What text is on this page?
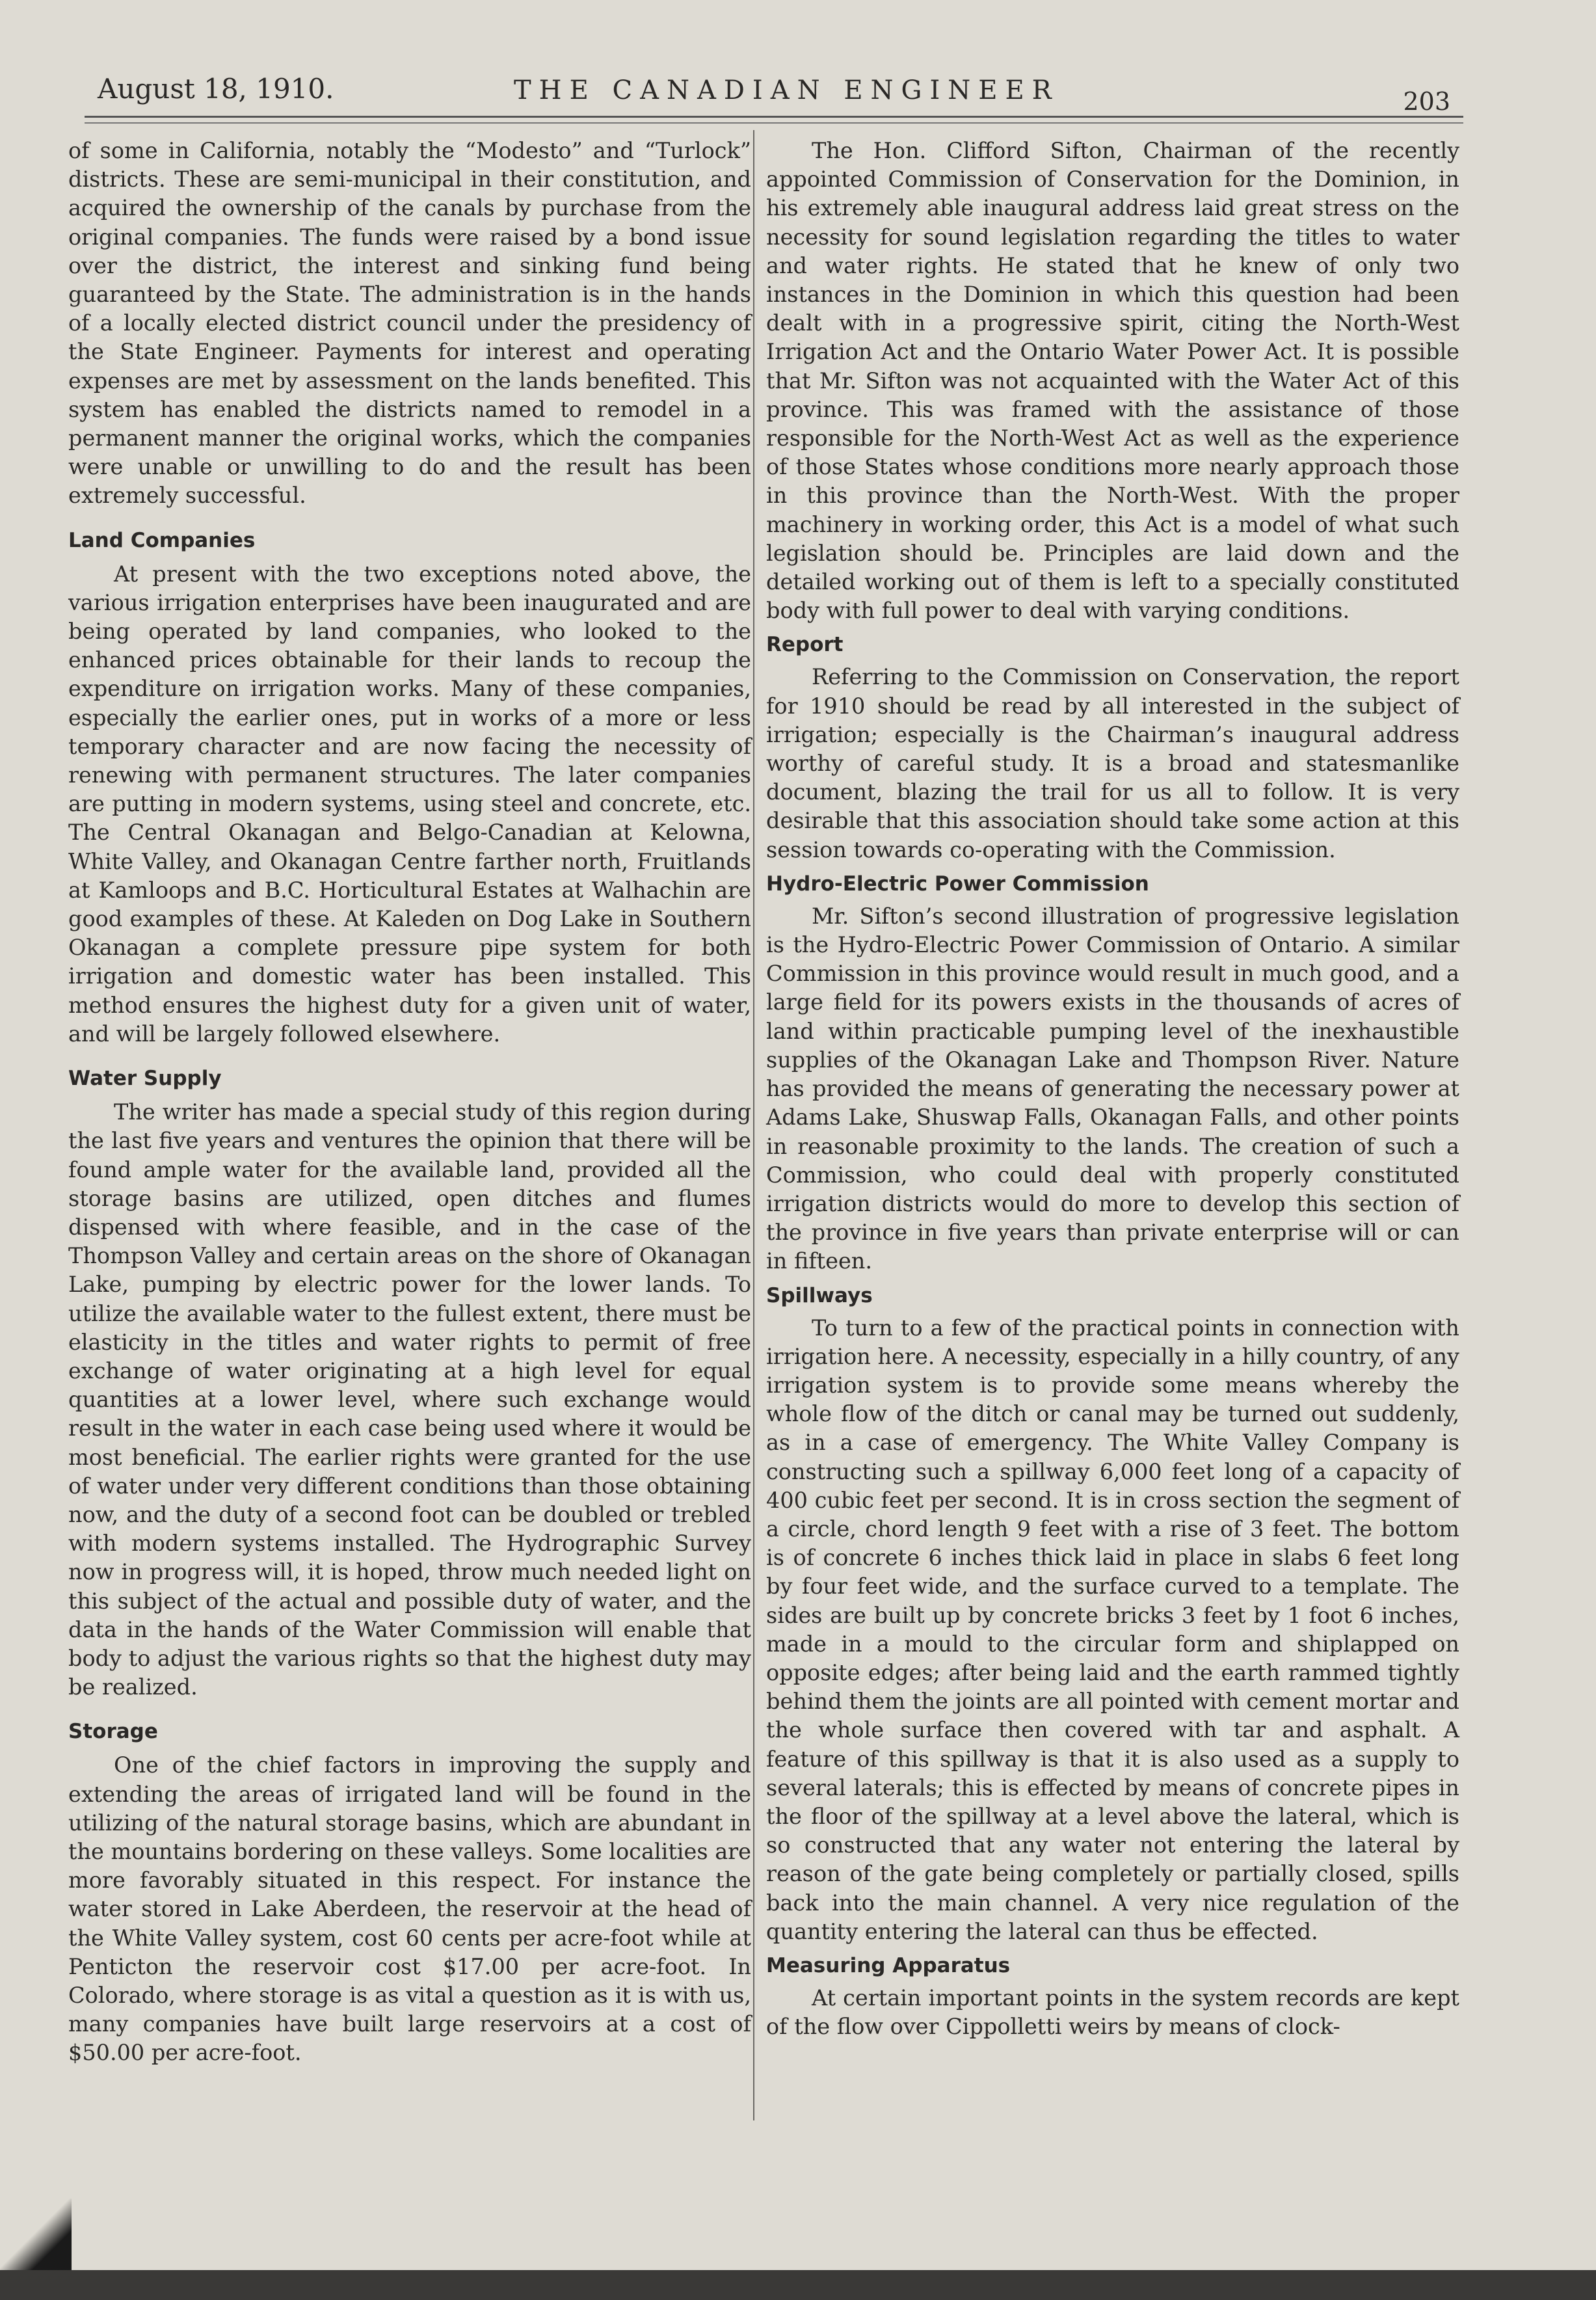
August 18, 1910.	THE CANADIAN ENGINEER	203

of some in California, notably the “Modesto” and “Turlock” districts. These are semi-municipal in their constitution, and acquired the ownership of the canals by purchase from the original companies. The funds were raised by a bond issue over the district, the interest and sinking fund being guaranteed by the State. The administration is in the hands of a locally elected district council under the presidency of the State Engineer. Payments for interest and operating expenses are met by assessment on the lands benefited. This system has enabled the districts named to remodel in a permanent manner the original works, which the companies were unable or unwilling to do and the result has been extremely successful.

Land Companies

At present with the two exceptions noted above, the various irrigation enterprises have been inaugurated and are being operated by land companies, who looked to the enhanced prices obtainable for their lands to recoup the expenditure on irrigation works. Many of these companies, especially the earlier ones, put in works of a more or less temporary character and are now facing the necessity of renewing with permanent structures. The later companies are putting in modern systems, using steel and concrete, etc. The Central Okanagan and Belgo-Canadian at Kelowna, White Valley, and Okanagan Centre farther north, Fruitlands at Kamloops and B.C. Horticultural Estates at Walhachin are good examples of these. At Kaleden on Dog Lake in Southern Okanagan a complete pressure pipe system for both irrigation and domestic water has been installed. This method ensures the highest duty for a given unit of water, and will be largely followed elsewhere.

Water Supply

The writer has made a special study of this region during the last five years and ventures the opinion that there will be found ample water for the available land, provided all the storage basins are utilized, open ditches and flumes dispensed with where feasible, and in the case of the Thompson Valley and certain areas on the shore of Okanagan Lake, pumping by electric power for the lower lands. To utilize the available water to the fullest extent, there must be elasticity in the titles and water rights to permit of free exchange of water originating at a high level for equal quantities at a lower level, where such exchange would result in the water in each case being used where it would be most beneficial. The earlier rights were granted for the use of water under very different conditions than those obtaining now, and the duty of a second foot can be doubled or trebled with modern systems installed. The Hydrographic Survey now in progress will, it is hoped, throw much needed light on this subject of the actual and possible duty of water, and the data in the hands of the Water Commission will enable that body to adjust the various rights so that the highest duty may be realized.

Storage

One of the chief factors in improving the supply and extending the areas of irrigated land will be found in the utilizing of the natural storage basins, which are abundant in the mountains bordering on these valleys. Some localities are more favorably situated in this respect. For instance the water stored in Lake Aberdeen, the reservoir at the head of the White Valley system, cost 60 cents per acre-foot while at Penticton the reservoir cost $17.00 per acre-foot. In Colorado, where storage is as vital a question as it is with us, many companies have built large reservoirs at a cost of $50.00 per acre-foot.

The Hon. Clifford Sifton, Chairman of the recently appointed Commission of Conservation for the Dominion, in his extremely able inaugural address laid great stress on the necessity for sound legislation regarding the titles to water and water rights. He stated that he knew of only two instances in the Dominion in which this question had been dealt with in a progressive spirit, citing the North-West Irrigation Act and the Ontario Water Power Act. It is possible that Mr. Sifton was not acquainted with the Water Act of this province. This was framed with the assistance of those responsible for the North-West Act as well as the experience of those States whose conditions more nearly approach those in this province than the North-West. With the proper machinery in working order, this Act is a model of what such legislation should be. Principles are laid down and the detailed working out of them is left to a specially constituted body with full power to deal with varying conditions.

Report

Referring to the Commission on Conservation, the report for 1910 should be read by all interested in the subject of irrigation; especially is the Chairman’s inaugural address worthy of careful study. It is a broad and statesmanlike document, blazing the trail for us all to follow. It is very desirable that this association should take some action at this session towards co-operating with the Commission.

Hydro-Electric Power Commission

Mr. Sifton’s second illustration of progressive legislation is the Hydro-Electric Power Commission of Ontario. A similar Commission in this province would result in much good, and a large field for its powers exists in the thousands of acres of land within practicable pumping level of the inexhaustible supplies of the Okanagan Lake and Thompson River. Nature has provided the means of generating the necessary power at Adams Lake, Shuswap Falls, Okanagan Falls, and other points in reasonable proximity to the lands. The creation of such a Commission, who could deal with properly constituted irrigation districts would do more to develop this section of the province in five years than private enterprise will or can in fifteen.

Spillways

To turn to a few of the practical points in connection with irrigation here. A necessity, especially in a hilly country, of any irrigation system is to provide some means whereby the whole flow of the ditch or canal may be turned out suddenly, as in a case of emergency. The White Valley Company is constructing such a spillway 6,000 feet long of a capacity of 400 cubic feet per second. It is in cross section the segment of a circle, chord length 9 feet with a rise of 3 feet. The bottom is of concrete 6 inches thick laid in place in slabs 6 feet long by four feet wide, and the surface curved to a template. The sides are built up by concrete bricks 3 feet by 1 foot 6 inches, made in a mould to the circular form and shiplapped on opposite edges; after being laid and the earth rammed tightly behind them the joints are all pointed with cement mortar and the whole surface then covered with tar and asphalt. A feature of this spillway is that it is also used as a supply to several laterals; this is effected by means of concrete pipes in the floor of the spillway at a level above the lateral, which is so constructed that any water not entering the lateral by reason of the gate being completely or partially closed, spills back into the main channel. A very nice regulation of the quantity entering the lateral can thus be effected.

Measuring Apparatus

At certain important points in the system records are kept of the flow over Cippolletti weirs by means of clock-
